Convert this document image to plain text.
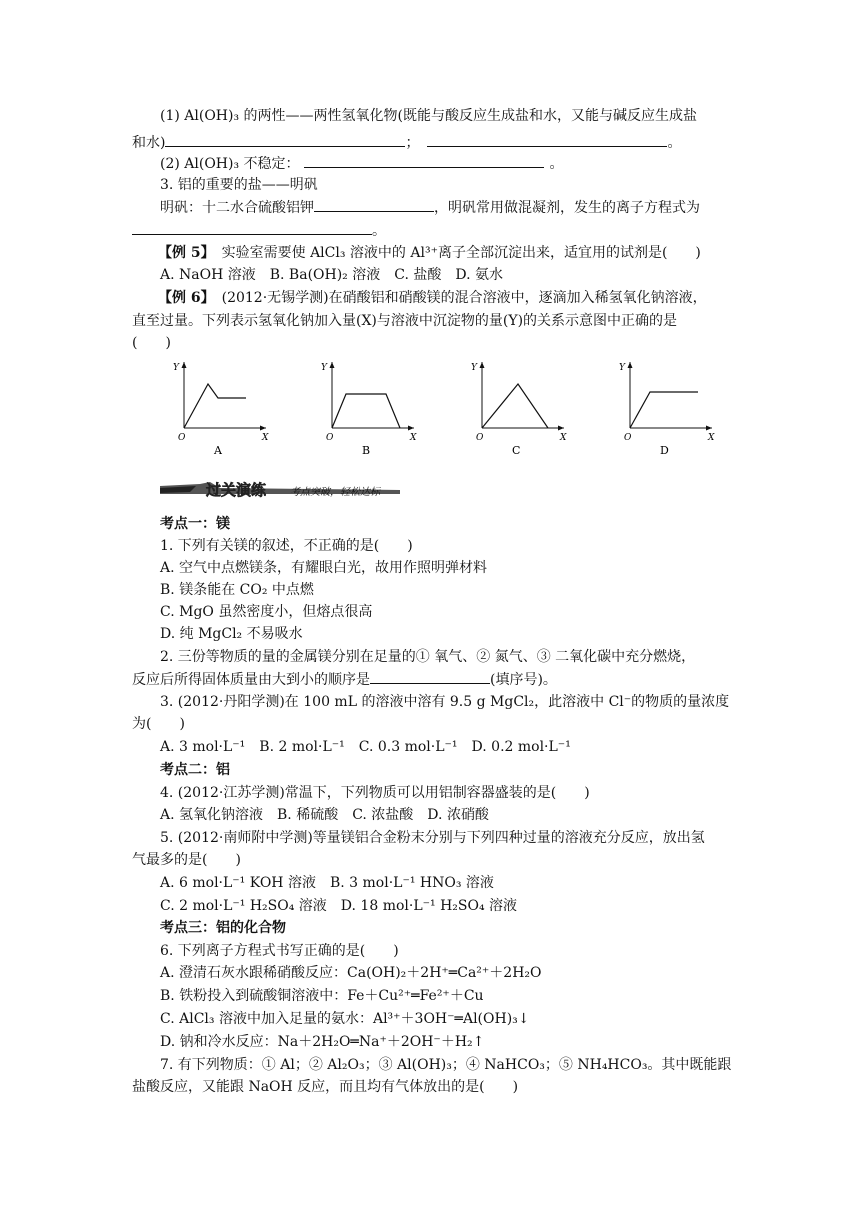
(1) Al(OH)₃ 的两性——两性氢氧化物(既能与酸反应生成盐和水，又能与碱反应生成盐
和水)	；	。
(2) Al(OH)₃ 不稳定：	。
3. 铝的重要的盐——明矾
明矾：十二水合硫酸铝钾	，明矾常用做混凝剂，发生的离子方程式为
。
【例 5】　 实验室需要使 AlCl₃ 溶液中的 Al³⁺离子全部沉淀出来，适宜用的试剂是(　　)
A. NaOH 溶液　B. Ba(OH)₂ 溶液　C. 盐酸　D. 氨水
【例 6】　 (2012·无锡学测)在硝酸铝和硝酸镁的混合溶液中，逐滴加入稀氢氧化钠溶液，
直至过量。下列表示氢氧化钠加入量(X)与溶液中沉淀物的量(Y)的关系示意图中正确的是
(　　)
Y
X
O
A
Y
X
O
B
Y
X
O
C
Y
X
O
D
过关演练 考点突破，轻松达标
考点一：镁
1. 下列有关镁的叙述，不正确的是(　　)
A. 空气中点燃镁条，有耀眼白光，故用作照明弹材料
B. 镁条能在 CO₂ 中点燃
C. MgO 虽然密度小，但熔点很高
D. 纯 MgCl₂ 不易吸水
2. 三份等物质的量的金属镁分别在足量的① 氧气、② 氮气、③ 二氧化碳中充分燃烧，
反应后所得固体质量由大到小的顺序是	(填序号)。
3. (2012·丹阳学测)在 100 mL 的溶液中溶有 9.5 g MgCl₂，此溶液中 Cl⁻的物质的量浓度
为(　　)
A. 3 mol·L⁻¹　B. 2 mol·L⁻¹　C. 0.3 mol·L⁻¹　D. 0.2 mol·L⁻¹
考点二：铝
4. (2012·江苏学测)常温下，下列物质可以用铝制容器盛装的是(　　)
A. 氢氧化钠溶液　B. 稀硫酸　C. 浓盐酸　D. 浓硝酸
5. (2012·南师附中学测)等量镁铝合金粉末分别与下列四种过量的溶液充分反应，放出氢
气最多的是(　　)
A. 6 mol·L⁻¹ KOH 溶液　B. 3 mol·L⁻¹ HNO₃ 溶液
C. 2 mol·L⁻¹ H₂SO₄ 溶液　D. 18 mol·L⁻¹ H₂SO₄ 溶液
考点三：铝的化合物
6. 下列离子方程式书写正确的是(　　)
A. 澄清石灰水跟稀硝酸反应：Ca(OH)₂＋2H⁺═Ca²⁺＋2H₂O
B. 铁粉投入到硫酸铜溶液中：Fe＋Cu²⁺═Fe²⁺＋Cu
C. AlCl₃ 溶液中加入足量的氨水：Al³⁺＋3OH⁻═Al(OH)₃↓
D. 钠和冷水反应：Na＋2H₂O═Na⁺＋2OH⁻＋H₂↑
7. 有下列物质：① Al；② Al₂O₃；③ Al(OH)₃；④ NaHCO₃；⑤ NH₄HCO₃。其中既能跟
盐酸反应，又能跟 NaOH 反应，而且均有气体放出的是(　　)
